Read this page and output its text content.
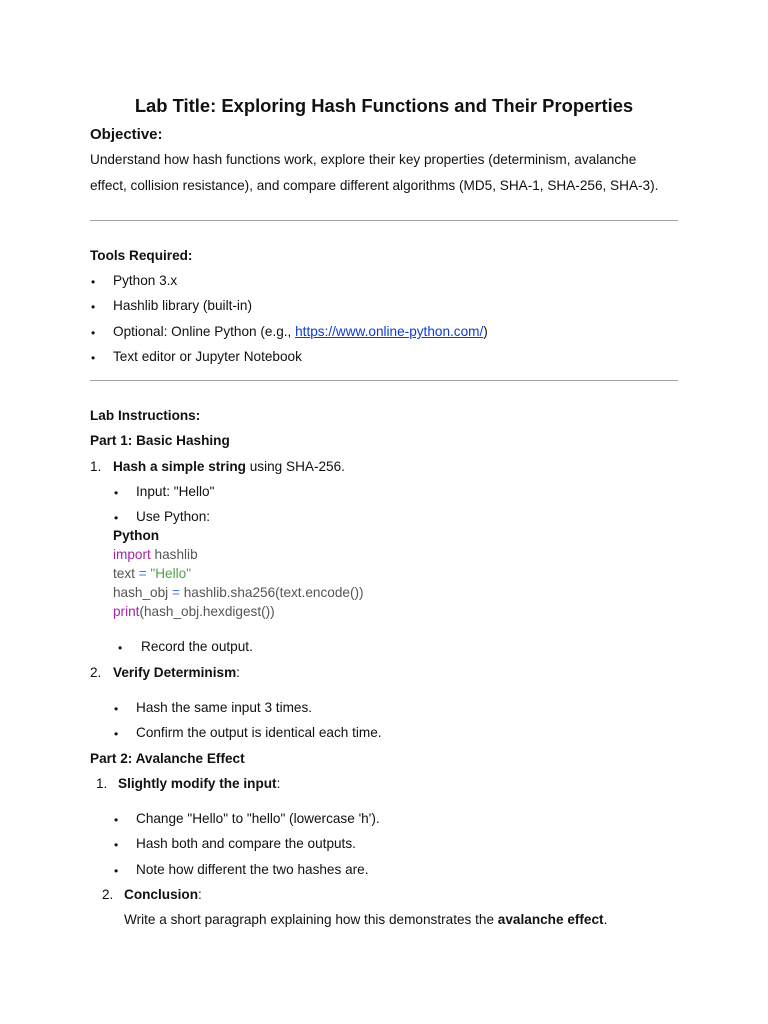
Lab Title: Exploring Hash Functions and Their Properties
Objective:
Understand how hash functions work, explore their key properties (determinism, avalanche
effect, collision resistance), and compare different algorithms (MD5, SHA-1, SHA-256, SHA-3).
Tools Required:
• Python 3.x
• Hashlib library (built-in)
• Optional: Online Python (e.g., https://www.online-python.com/)
• Text editor or Jupyter Notebook
Lab Instructions:
Part 1: Basic Hashing
1. Hash a simple string using SHA-256.
• Input: "Hello"
• Use Python:
Python
import hashlib
text = "Hello"
hash_obj = hashlib.sha256(text.encode())
print(hash_obj.hexdigest())
• Record the output.
2. Verify Determinism:
• Hash the same input 3 times.
• Confirm the output is identical each time.
Part 2: Avalanche Effect
1. Slightly modify the input:
• Change "Hello" to "hello" (lowercase 'h').
• Hash both and compare the outputs.
• Note how different the two hashes are.
2. Conclusion:
Write a short paragraph explaining how this demonstrates the avalanche effect.
